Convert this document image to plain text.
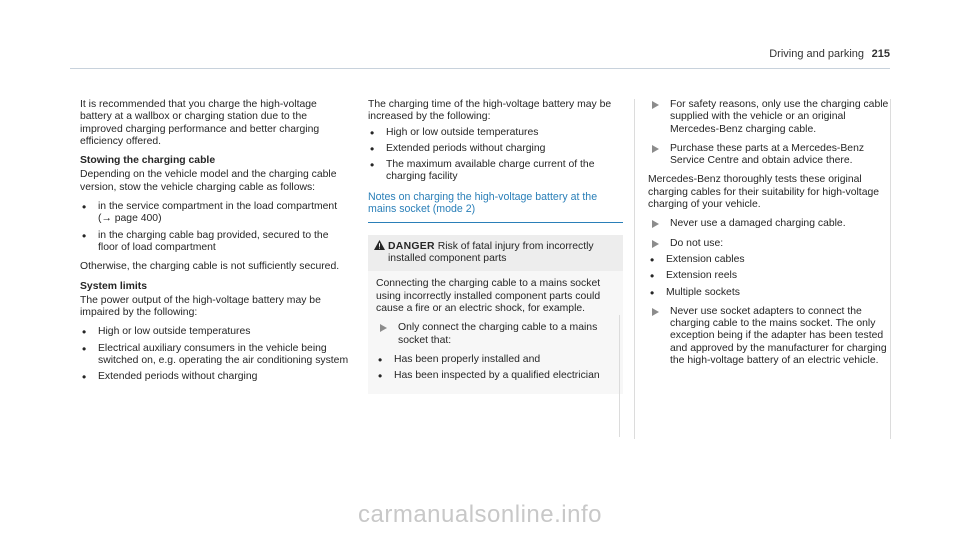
Driving and parking 215

It is recommended that you charge the high-voltage battery at a wallbox or charging station due to the improved charging performance and better charging efficiency offered.

Stowing the charging cable

Depending on the vehicle model and the charging cable version, stow the vehicle charging cable as follows:

• in the service compartment in the load compartment (→ page 400)
• in the charging cable bag provided, secured to the floor of load compartment

Otherwise, the charging cable is not sufficiently secured.

System limits

The power output of the high-voltage battery may be impaired by the following:

• High or low outside temperatures
• Electrical auxiliary consumers in the vehicle being switched on, e.g. operating the air conditioning system
• Extended periods without charging

The charging time of the high-voltage battery may be increased by the following:

• High or low outside temperatures
• Extended periods without charging
• The maximum available charge current of the charging facility
Notes on charging the high-voltage battery at the mains socket (mode 2)
DANGER Risk of fatal injury from incorrectly installed component parts

Connecting the charging cable to a mains socket using incorrectly installed component parts could cause a fire or an electric shock, for example.

Only connect the charging cable to a mains socket that:
• Has been properly installed and
• Has been inspected by a qualified electrician
For safety reasons, only use the charging cable supplied with the vehicle or an original Mercedes-Benz charging cable.
Purchase these parts at a Mercedes-Benz Service Centre and obtain advice there.

Mercedes-Benz thoroughly tests these original charging cables for their suitability for high-voltage charging of your vehicle.

Never use a damaged charging cable.
Do not use:
• Extension cables
• Extension reels
• Multiple sockets
Never use socket adapters to connect the charging cable to the mains socket. The only exception being if the adapter has been tested and approved by the manufacturer for charging the high-voltage battery of an electric vehicle.
carmanualsonline.info
